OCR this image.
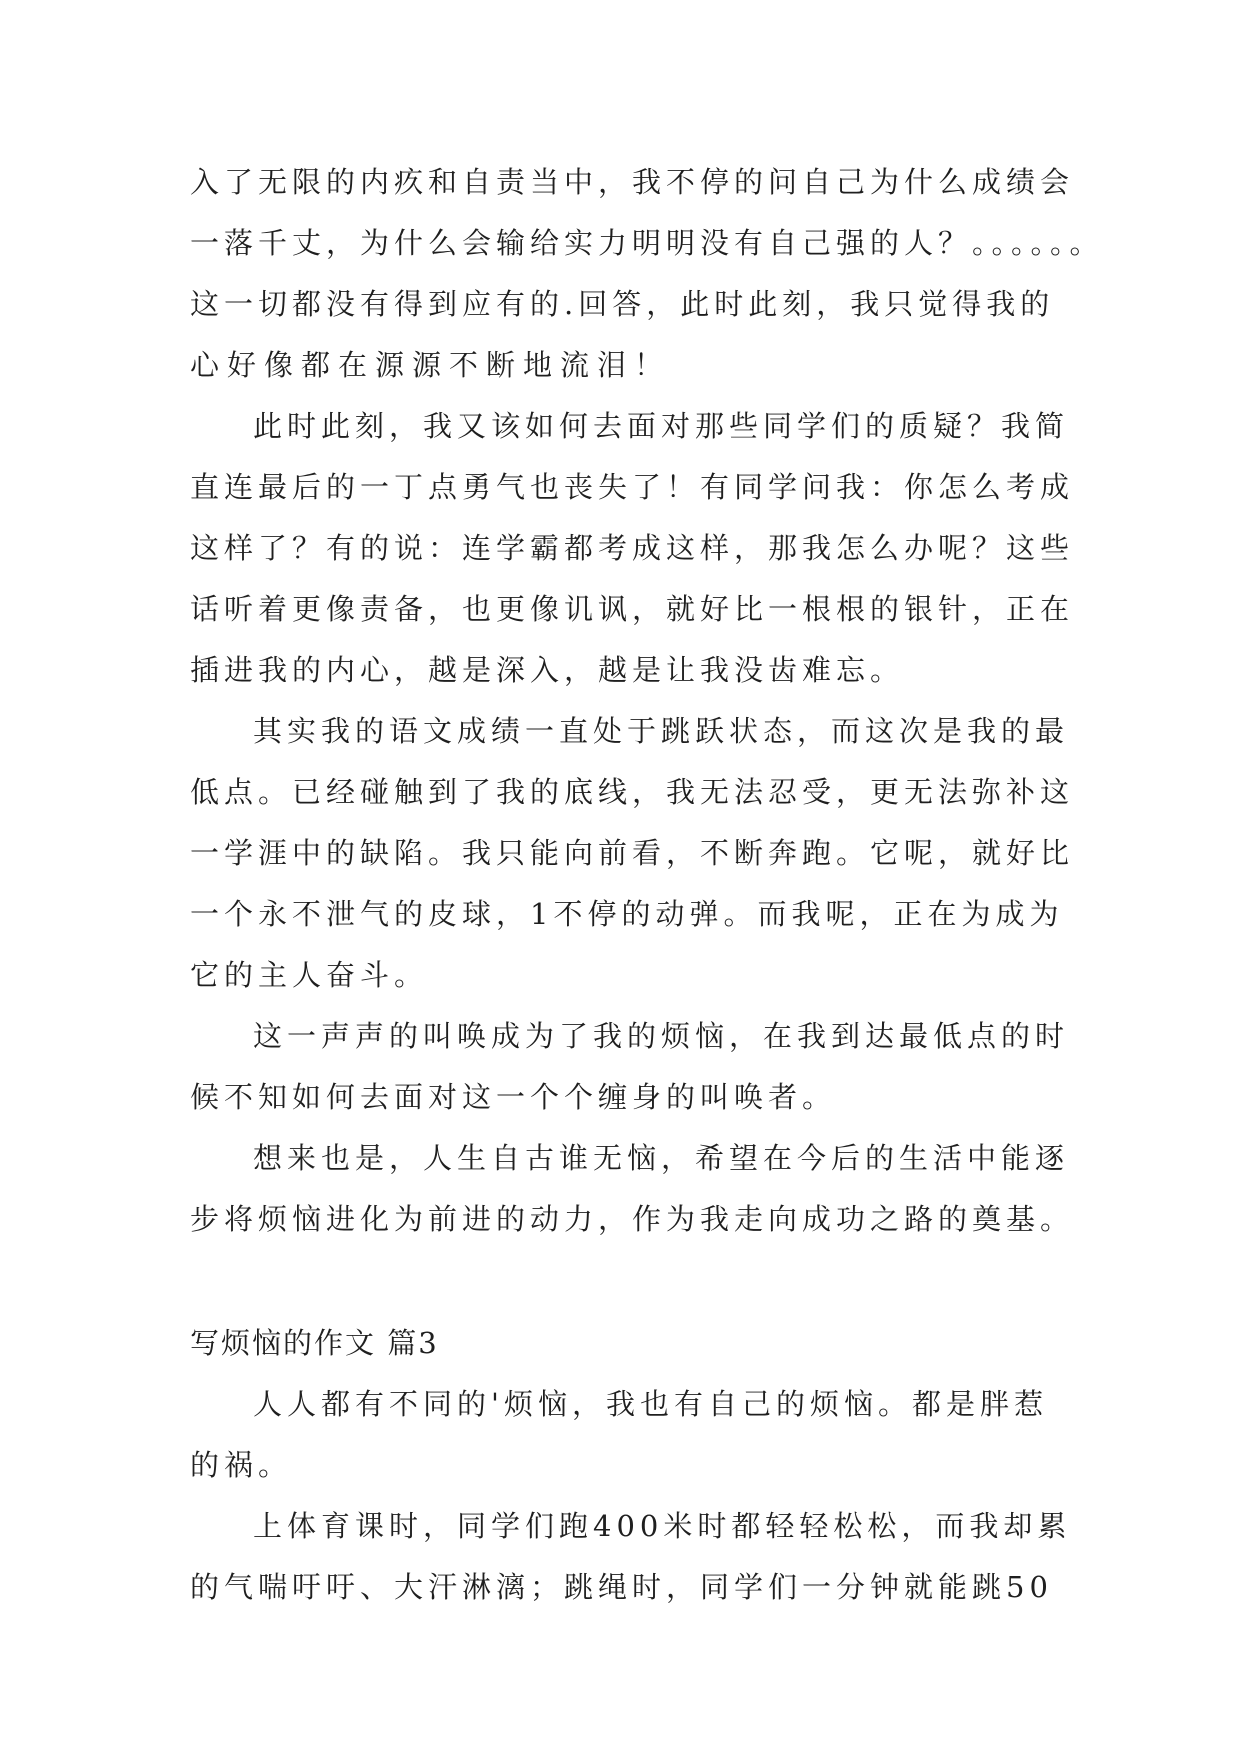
入了无限的内疚和自责当中，我不停的问自己为什么成绩会
一落千丈，为什么会输给实力明明没有自己强的人？。。。。。。
这一切都没有得到应有的.回答，此时此刻，我只觉得我的
心好像都在源源不断地流泪！
此时此刻，我又该如何去面对那些同学们的质疑？我简
直连最后的一丁点勇气也丧失了！有同学问我：你怎么考成
这样了？有的说：连学霸都考成这样，那我怎么办呢？这些
话听着更像责备，也更像讥讽，就好比一根根的银针，正在
插进我的内心，越是深入，越是让我没齿难忘。
其实我的语文成绩一直处于跳跃状态，而这次是我的最
低点。已经碰触到了我的底线，我无法忍受，更无法弥补这
一学涯中的缺陷。我只能向前看，不断奔跑。它呢，就好比
一个永不泄气的皮球，1不停的动弹。而我呢，正在为成为
它的主人奋斗。
这一声声的叫唤成为了我的烦恼，在我到达最低点的时
候不知如何去面对这一个个缠身的叫唤者。
想来也是，人生自古谁无恼，希望在今后的生活中能逐
步将烦恼进化为前进的动力，作为我走向成功之路的奠基。
写烦恼的作文 篇3
人人都有不同的'烦恼，我也有自己的烦恼。都是胖惹
的祸。
上体育课时，同学们跑400米时都轻轻松松，而我却累
的气喘吁吁、大汗淋漓；跳绳时，同学们一分钟就能跳50
